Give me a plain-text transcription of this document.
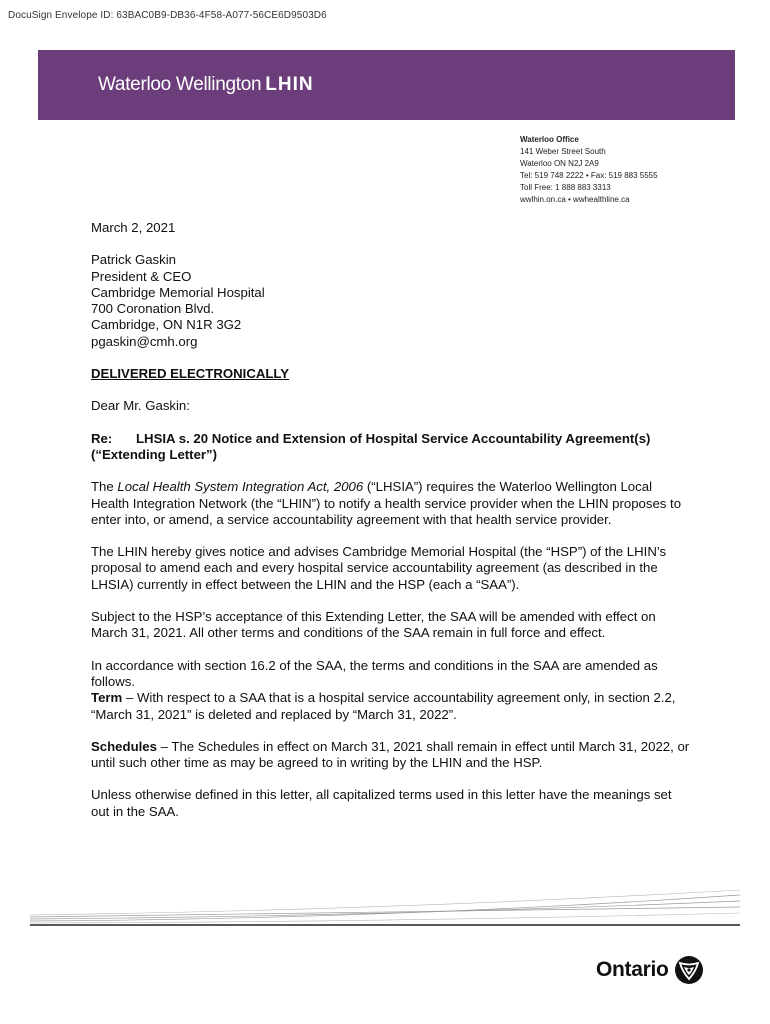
DocuSign Envelope ID: 63BAC0B9-DB36-4F58-A077-56CE6D9503D6
Waterloo Wellington LHIN
Waterloo Office
141 Weber Street South
Waterloo ON N2J 2A9
Tel: 519 748 2222 • Fax: 519 883 5555
Toll Free: 1 888 883 3313
wwlhin.on.ca • wwhealthline.ca

March 2, 2021

Patrick Gaskin
President & CEO
Cambridge Memorial Hospital
700 Coronation Blvd.
Cambridge, ON N1R 3G2
pgaskin@cmh.org

DELIVERED ELECTRONICALLY

Dear Mr. Gaskin:

Re: LHSIA s. 20 Notice and Extension of Hospital Service Accountability Agreement(s) (“Extending Letter”)

The Local Health System Integration Act, 2006 (“LHSIA”) requires the Waterloo Wellington Local Health Integration Network (the “LHIN”) to notify a health service provider when the LHIN proposes to enter into, or amend, a service accountability agreement with that health service provider.

The LHIN hereby gives notice and advises Cambridge Memorial Hospital (the “HSP”) of the LHIN’s proposal to amend each and every hospital service accountability agreement (as described in the LHSIA) currently in effect between the LHIN and the HSP (each a “SAA”).

Subject to the HSP’s acceptance of this Extending Letter, the SAA will be amended with effect on March 31, 2021. All other terms and conditions of the SAA remain in full force and effect.

In accordance with section 16.2 of the SAA, the terms and conditions in the SAA are amended as follows.

Term – With respect to a SAA that is a hospital service accountability agreement only, in section 2.2, “March 31, 2021” is deleted and replaced by “March 31, 2022”.

Schedules – The Schedules in effect on March 31, 2021 shall remain in effect until March 31, 2022, or until such other time as may be agreed to in writing by the LHIN and the HSP.

Unless otherwise defined in this letter, all capitalized terms used in this letter have the meanings set out in the SAA.

Ontario
